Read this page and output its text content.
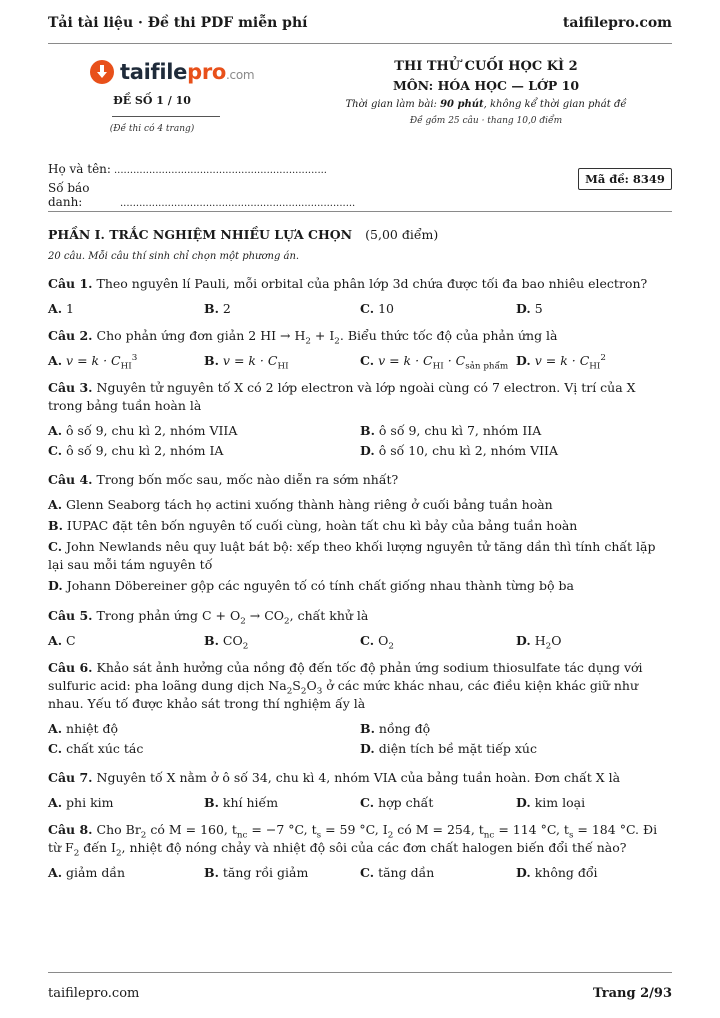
Tải tài liệu · Đề thi PDF miễn phí	taifilepro.com
taifilepro.com
ĐỀ SỐ 1 / 10
(Đề thi có 4 trang)
THI THỬ CUỐI HỌC KÌ 2
MÔN: HÓA HỌC — LỚP 10
Thời gian làm bài: 90 phút, không kể thời gian phát đề
Đề gồm 25 câu · thang 10,0 điểm
Họ và tên: ...................................................................
Số báo danh:	..........................................................................
Mã đề: 8349
PHẦN I. TRẮC NGHIỆM NHIỀU LỰA CHỌN (5,00 điểm)
20 câu. Mỗi câu thí sinh chỉ chọn một phương án.
Câu 1. Theo nguyên lí Pauli, mỗi orbital của phân lớp 3d chứa được tối đa bao nhiêu electron?
A. 1	B. 2	C. 10	D. 5
Câu 2. Cho phản ứng đơn giản 2 HI → $H_2 + I_2$. Biểu thức tốc độ của phản ứng là
A. $v = k \cdot C_{HI}^3$	B. $v = k \cdot C_{HI}$	C. $v = k \cdot C_{HI} \cdot C_{sản phẩm}$ D. $v = k \cdot C_{HI}^2$
Câu 3. Nguyên tử nguyên tố X có 2 lớp electron và lớp ngoài cùng có 7 electron. Vị trí của X trong bảng tuần hoàn là
A. ô số 9, chu kì 2, nhóm VIIA	B. ô số 9, chu kì 7, nhóm IIA
C. ô số 9, chu kì 2, nhóm IA	D. ô số 10, chu kì 2, nhóm VIIA
Câu 4. Trong bốn mốc sau, mốc nào diễn ra sớm nhất?
A. Glenn Seaborg tách họ actini xuống thành hàng riêng ở cuối bảng tuần hoàn
B. IUPAC đặt tên bốn nguyên tố cuối cùng, hoàn tất chu kì bảy của bảng tuần hoàn
C. John Newlands nêu quy luật bát bộ: xếp theo khối lượng nguyên tử tăng dần thì tính chất lặp lại sau mỗi tám nguyên tố
D. Johann Döbereiner gộp các nguyên tố có tính chất giống nhau thành từng bộ ba
Câu 5. Trong phản ứng $C + O_2 \to CO_2$, chất khử là
A. C	B. $CO_2$	C. $O_2$	D. $H_2O$
Câu 6. Khảo sát ảnh hưởng của nồng độ đến tốc độ phản ứng sodium thiosulfate tác dụng với sulfuric acid: pha loãng dung dịch $Na_2S_2O_3$ ở các mức khác nhau, các điều kiện khác giữ như nhau. Yếu tố được khảo sát trong thí nghiệm ấy là
A. nhiệt độ	B. nồng độ
C. chất xúc tác	D. diện tích bề mặt tiếp xúc
Câu 7. Nguyên tố X nằm ở ô số 34, chu kì 4, nhóm VIA của bảng tuần hoàn. Đơn chất X là
A. phi kim	B. khí hiếm	C. hợp chất	D. kim loại
Câu 8. Cho $Br_2$ có M = 160, $t_{nc} = -7$ °C, $t_s = 59$ °C, $I_2$ có M = 254, $t_{nc} = 114$ °C, $t_s = 184$ °C. Đi từ $F_2$ đến $I_2$, nhiệt độ nóng chảy và nhiệt độ sôi của các đơn chất halogen biến đổi thế nào?
A. giảm dần	B. tăng rồi giảm	C. tăng dần	D. không đổi
taifilepro.com	Trang 2/93
